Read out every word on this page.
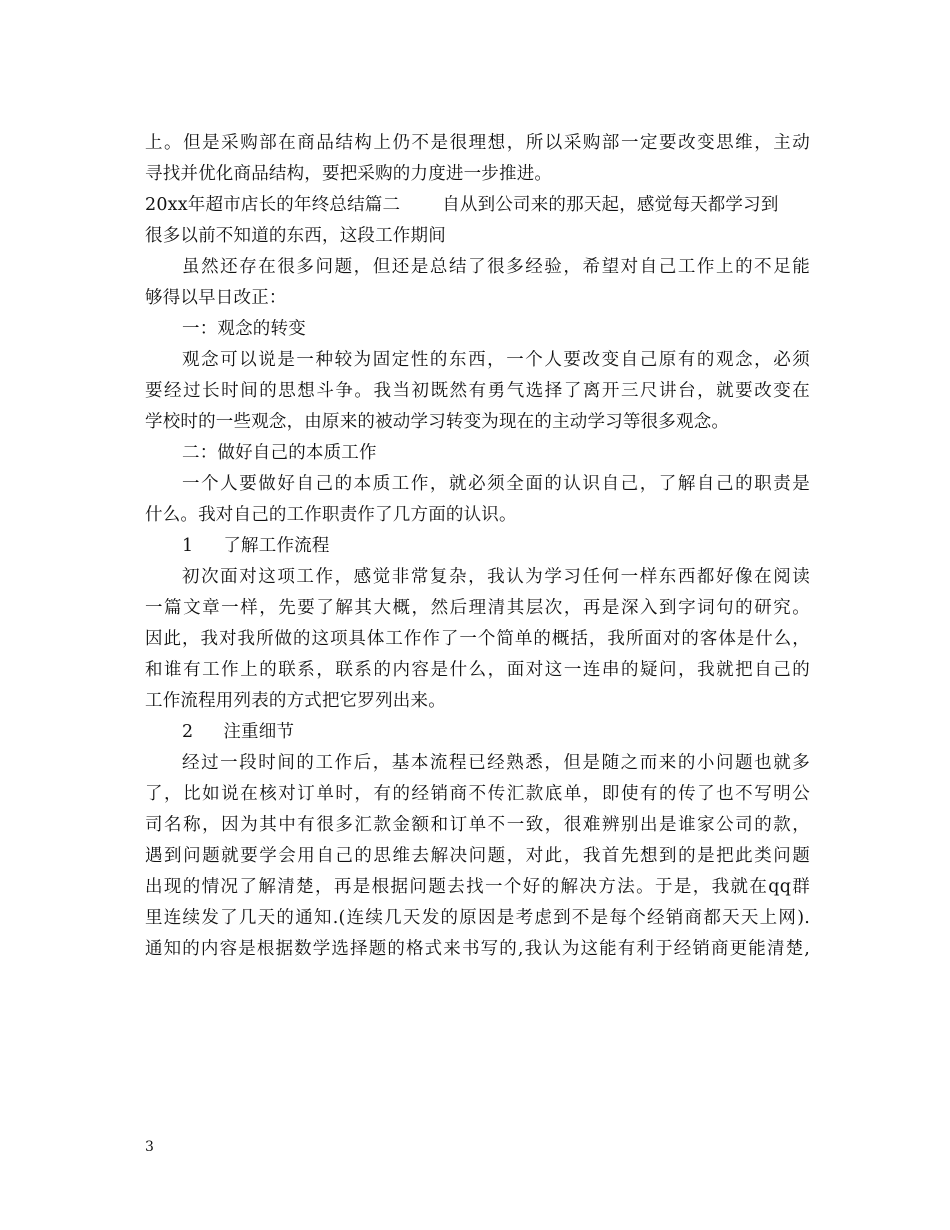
上。但是采购部在商品结构上仍不是很理想，所以采购部一定要改变思维，主动
寻找并优化商品结构，要把采购的力度进一步推进。
20xx年超市店长的年终总结篇二 自从到公司来的那天起，感觉每天都学习到
很多以前不知道的东西，这段工作期间
虽然还存在很多问题，但还是总结了很多经验，希望对自己工作上的不足能
够得以早日改正：
一：观念的转变
观念可以说是一种较为固定性的东西，一个人要改变自己原有的观念，必须
要经过长时间的思想斗争。我当初既然有勇气选择了离开三尺讲台，就要改变在
学校时的一些观念，由原来的被动学习转变为现在的主动学习等很多观念。
二：做好自己的本质工作
一个人要做好自己的本质工作，就必须全面的认识自己，了解自己的职责是
什么。我对自己的工作职责作了几方面的认识。
1 了解工作流程
初次面对这项工作，感觉非常复杂，我认为学习任何一样东西都好像在阅读
一篇文章一样，先要了解其大概，然后理清其层次，再是深入到字词句的研究。
因此，我对我所做的这项具体工作作了一个简单的概括，我所面对的客体是什么，
和谁有工作上的联系，联系的内容是什么，面对这一连串的疑问，我就把自己的
工作流程用列表的方式把它罗列出来。
2 注重细节
经过一段时间的工作后，基本流程已经熟悉，但是随之而来的小问题也就多
了，比如说在核对订单时，有的经销商不传汇款底单，即使有的传了也不写明公
司名称，因为其中有很多汇款金额和订单不一致，很难辨别出是谁家公司的款，
遇到问题就要学会用自己的思维去解决问题，对此，我首先想到的是把此类问题
出现的情况了解清楚，再是根据问题去找一个好的解决方法。于是，我就在qq群
里连续发了几天的通知.(连续几天发的原因是考虑到不是每个经销商都天天上网).
通知的内容是根据数学选择题的格式来书写的,我认为这能有利于经销商更能清楚,
3
